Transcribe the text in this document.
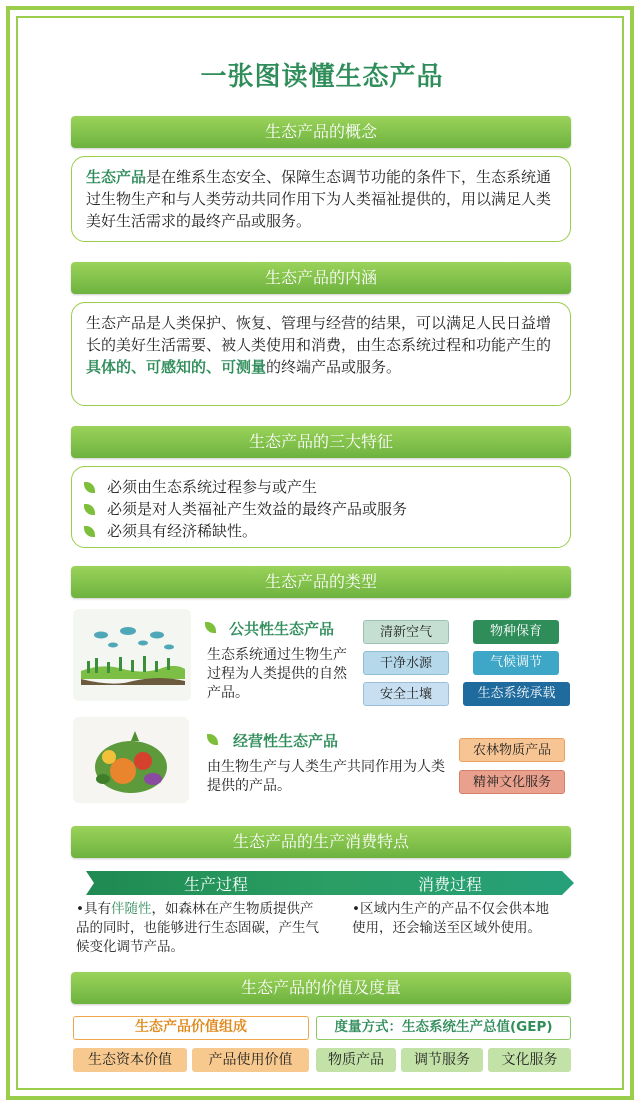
一张图读懂生态产品
生态产品的概念
生态产品是在维系生态安全、保障生态调节功能的条件下，生态系统通过生物生产和与人类劳动共同作用下为人类福祉提供的，用以满足人类美好生活需求的最终产品或服务。
生态产品的内涵
生态产品是人类保护、恢复、管理与经营的结果，可以满足人民日益增长的美好生活需要、被人类使用和消费，由生态系统过程和功能产生的具体的、可感知的、可测量的终端产品或服务。
生态产品的三大特征
必须由生态系统过程参与或产生
必须是对人类福祉产生效益的最终产品或服务
必须具有经济稀缺性。
生态产品的类型
公共性生态产品
生态系统通过生物生产过程为人类提供的自然产品。
清新空气	物种保育
干净水源	气候调节
安全土壤	生态系统承载
经营性生态产品
由生物生产与人类生产共同作用为人类提供的产品。
农林物质产品
精神文化服务
生态产品的生产消费特点
生产过程	消费过程
•具有伴随性，如森林在产生物质提供产品的同时，也能够进行生态固碳，产生气候变化调节产品。
•区域内生产的产品不仅会供本地使用，还会输送至区域外使用。
生态产品的价值及度量
生态产品价值组成	度量方式：生态系统生产总值(GEP)
生态资本价值	产品使用价值	物质产品	调节服务	文化服务
